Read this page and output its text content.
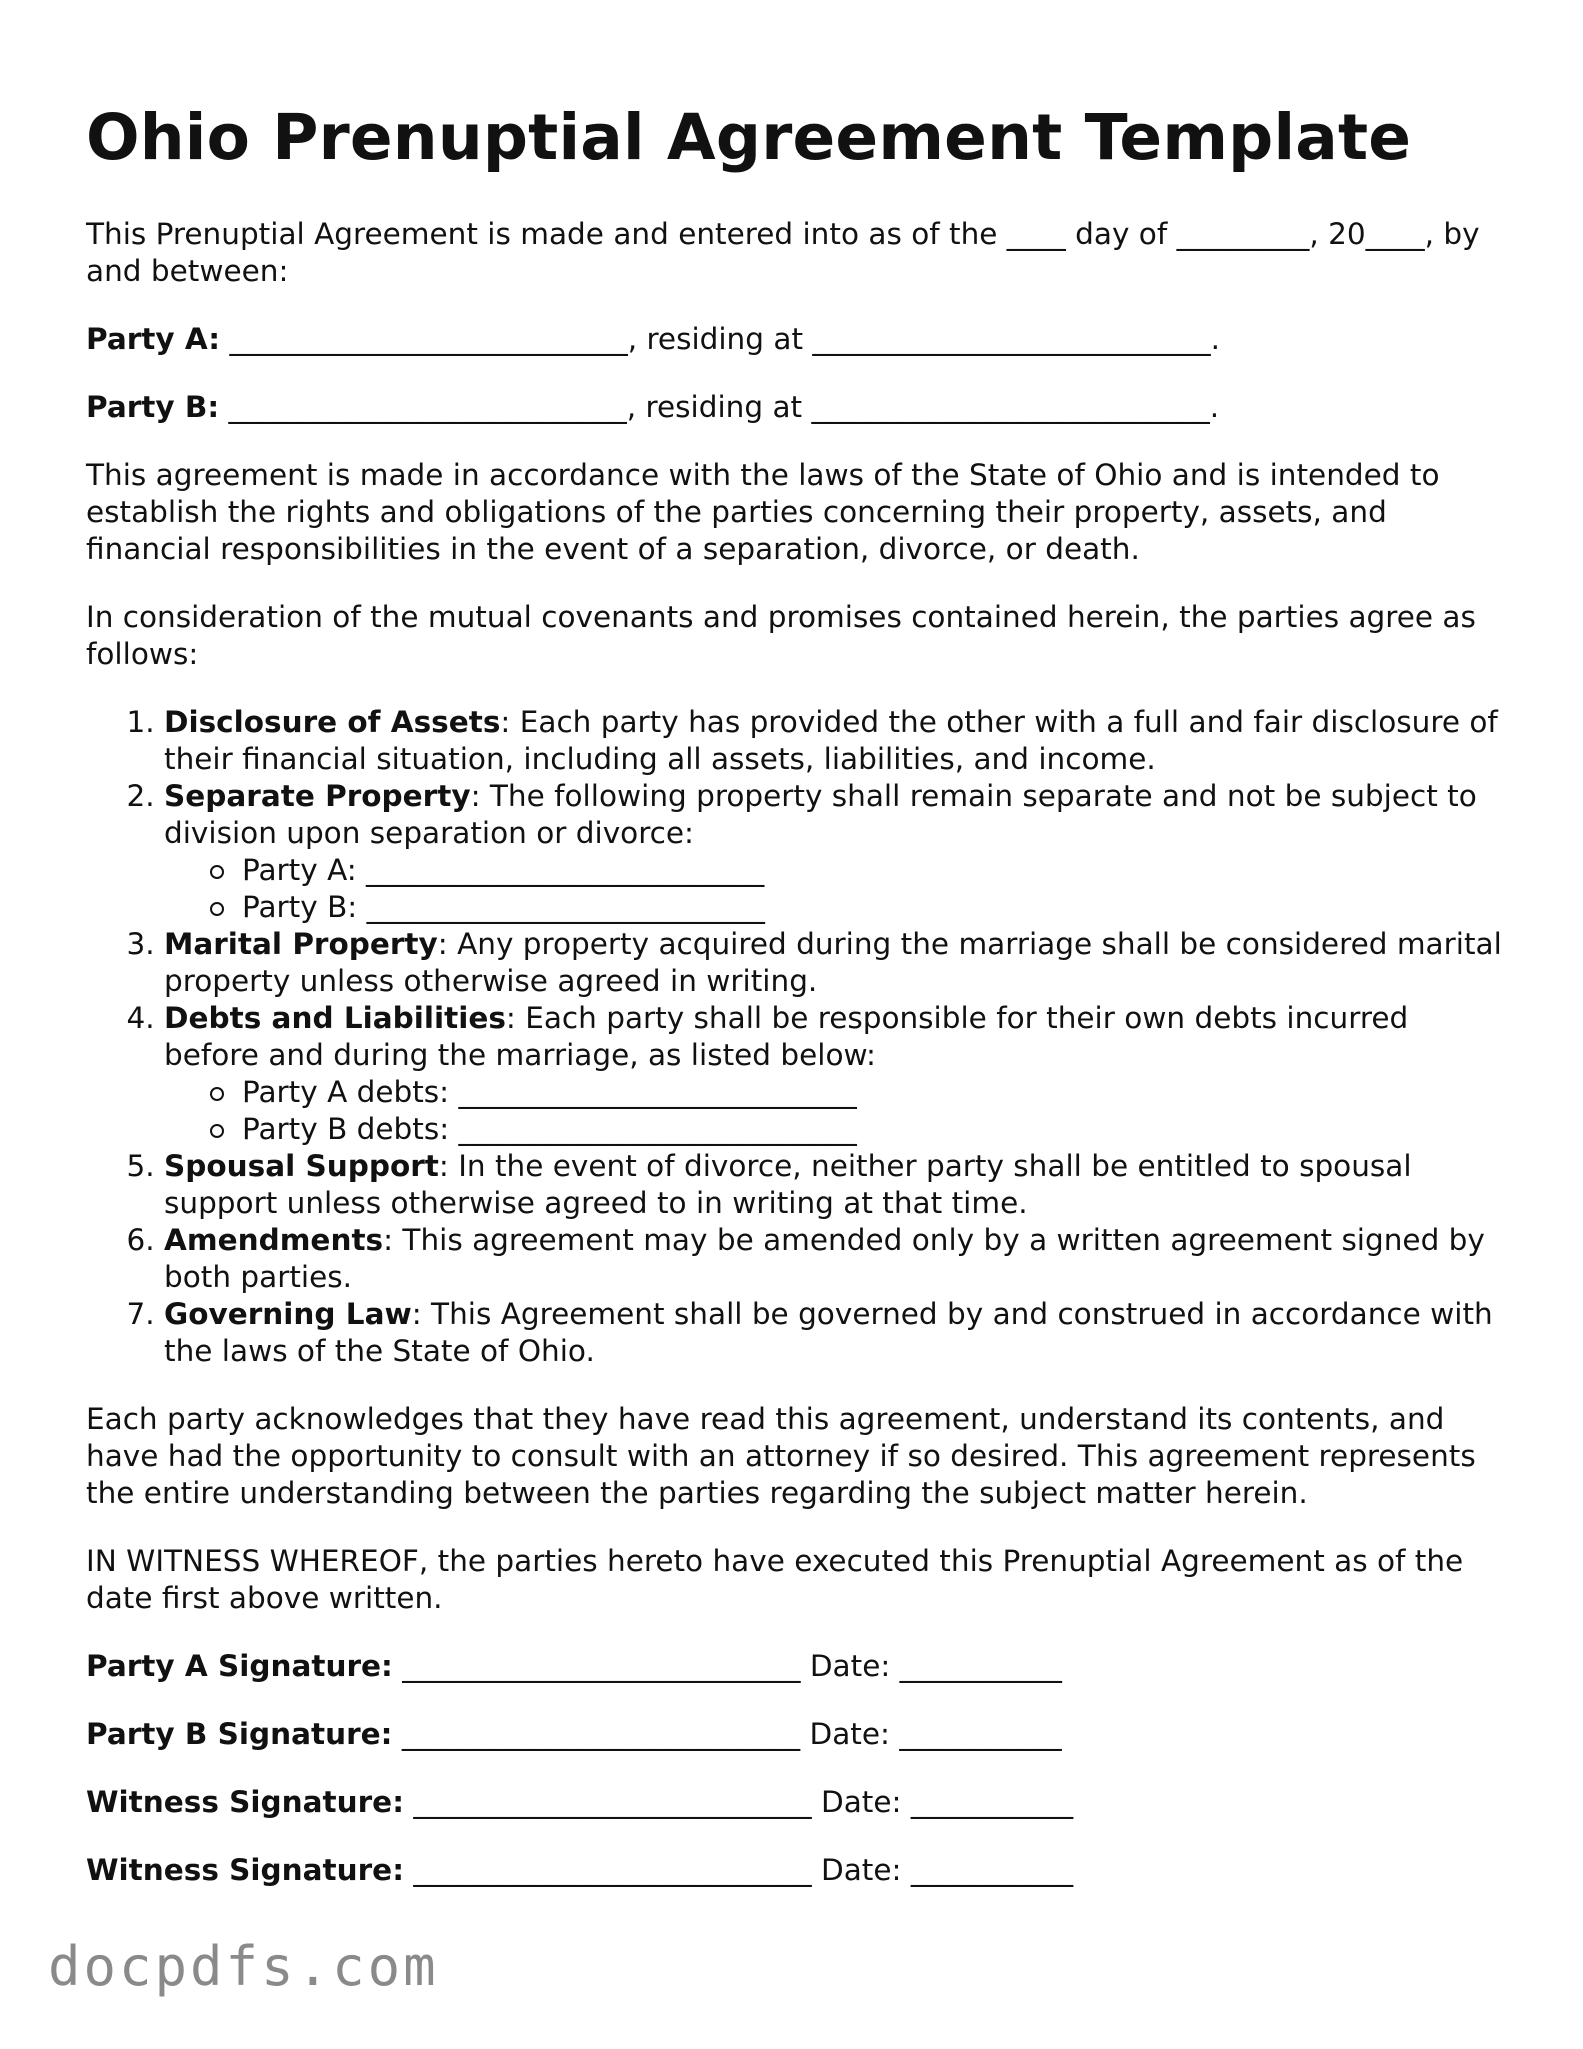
Ohio Prenuptial Agreement Template

This Prenuptial Agreement is made and entered into as of the ____ day of _________, 20____, by and between:

Party A: ___________________________, residing at ___________________________.

Party B: ___________________________, residing at ___________________________.

This agreement is made in accordance with the laws of the State of Ohio and is intended to establish the rights and obligations of the parties concerning their property, assets, and financial responsibilities in the event of a separation, divorce, or death.

In consideration of the mutual covenants and promises contained herein, the parties agree as follows:

1. Disclosure of Assets: Each party has provided the other with a full and fair disclosure of their financial situation, including all assets, liabilities, and income.
2. Separate Property: The following property shall remain separate and not be subject to division upon separation or divorce:
Party A: ___________________________
Party B: ___________________________
3. Marital Property: Any property acquired during the marriage shall be considered marital property unless otherwise agreed in writing.
4. Debts and Liabilities: Each party shall be responsible for their own debts incurred before and during the marriage, as listed below:
Party A debts: ___________________________
Party B debts: ___________________________
5. Spousal Support: In the event of divorce, neither party shall be entitled to spousal support unless otherwise agreed to in writing at that time.
6. Amendments: This agreement may be amended only by a written agreement signed by both parties.
7. Governing Law: This Agreement shall be governed by and construed in accordance with the laws of the State of Ohio.

Each party acknowledges that they have read this agreement, understand its contents, and have had the opportunity to consult with an attorney if so desired. This agreement represents the entire understanding between the parties regarding the subject matter herein.

IN WITNESS WHEREOF, the parties hereto have executed this Prenuptial Agreement as of the date first above written.

Party A Signature: ___________________________ Date: ___________

Party B Signature: ___________________________ Date: ___________

Witness Signature: ___________________________ Date: ___________

Witness Signature: ___________________________ Date: ___________

docpdfs.com
